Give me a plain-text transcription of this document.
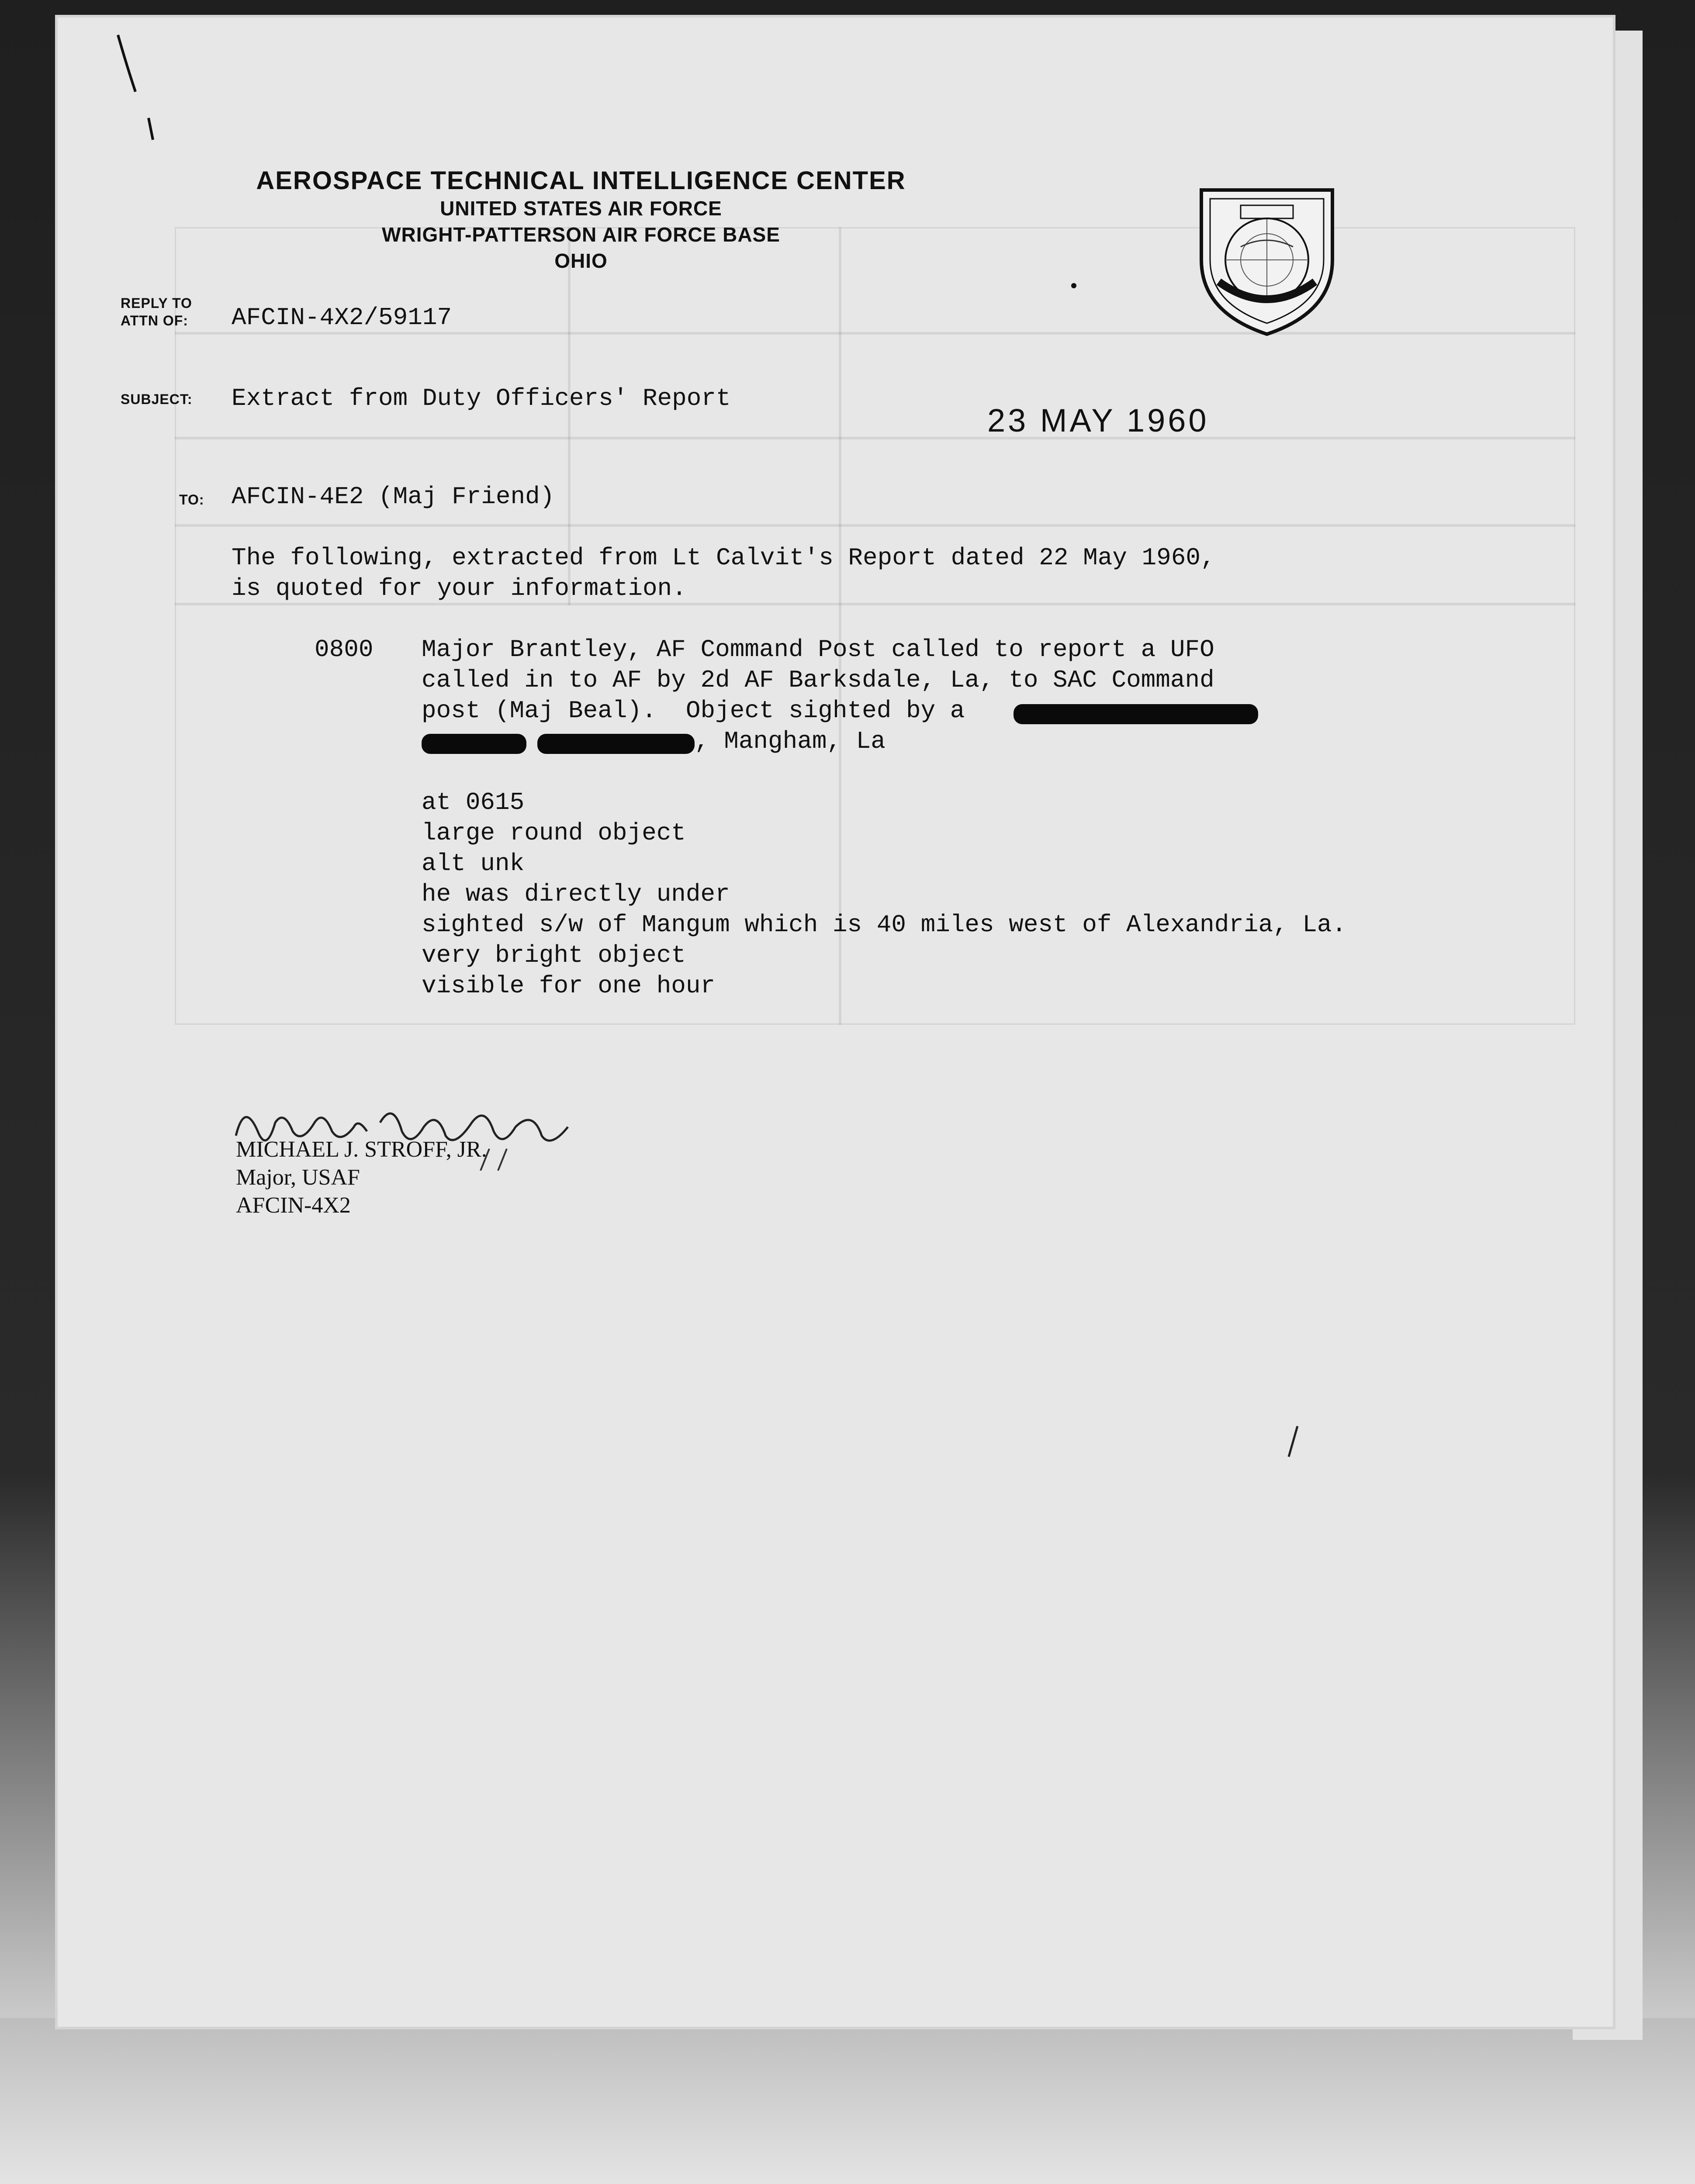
AEROSPACE TECHNICAL INTELLIGENCE CENTER
UNITED STATES AIR FORCE
WRIGHT-PATTERSON AIR FORCE BASE
OHIO
REPLY TO
ATTN OF: AFCIN-4X2/59117
SUBJECT: Extract from Duty Officers' Report
23 MAY 1960
TO: AFCIN-4E2 (Maj Friend)
The following, extracted from Lt Calvit's Report dated 22 May 1960,
is quoted for your information.
0800 Major Brantley, AF Command Post called to report a UFO
called in to AF by 2d AF Barksdale, La, to SAC Command
post (Maj Beal).  Object sighted by a
, Mangham, La
at 0615
large round object
alt unk
he was directly under
sighted s/w of Mangum which is 40 miles west of Alexandria, La.
very bright object
visible for one hour
MICHAEL J. STROFF, JR.
Major, USAF
AFCIN-4X2
